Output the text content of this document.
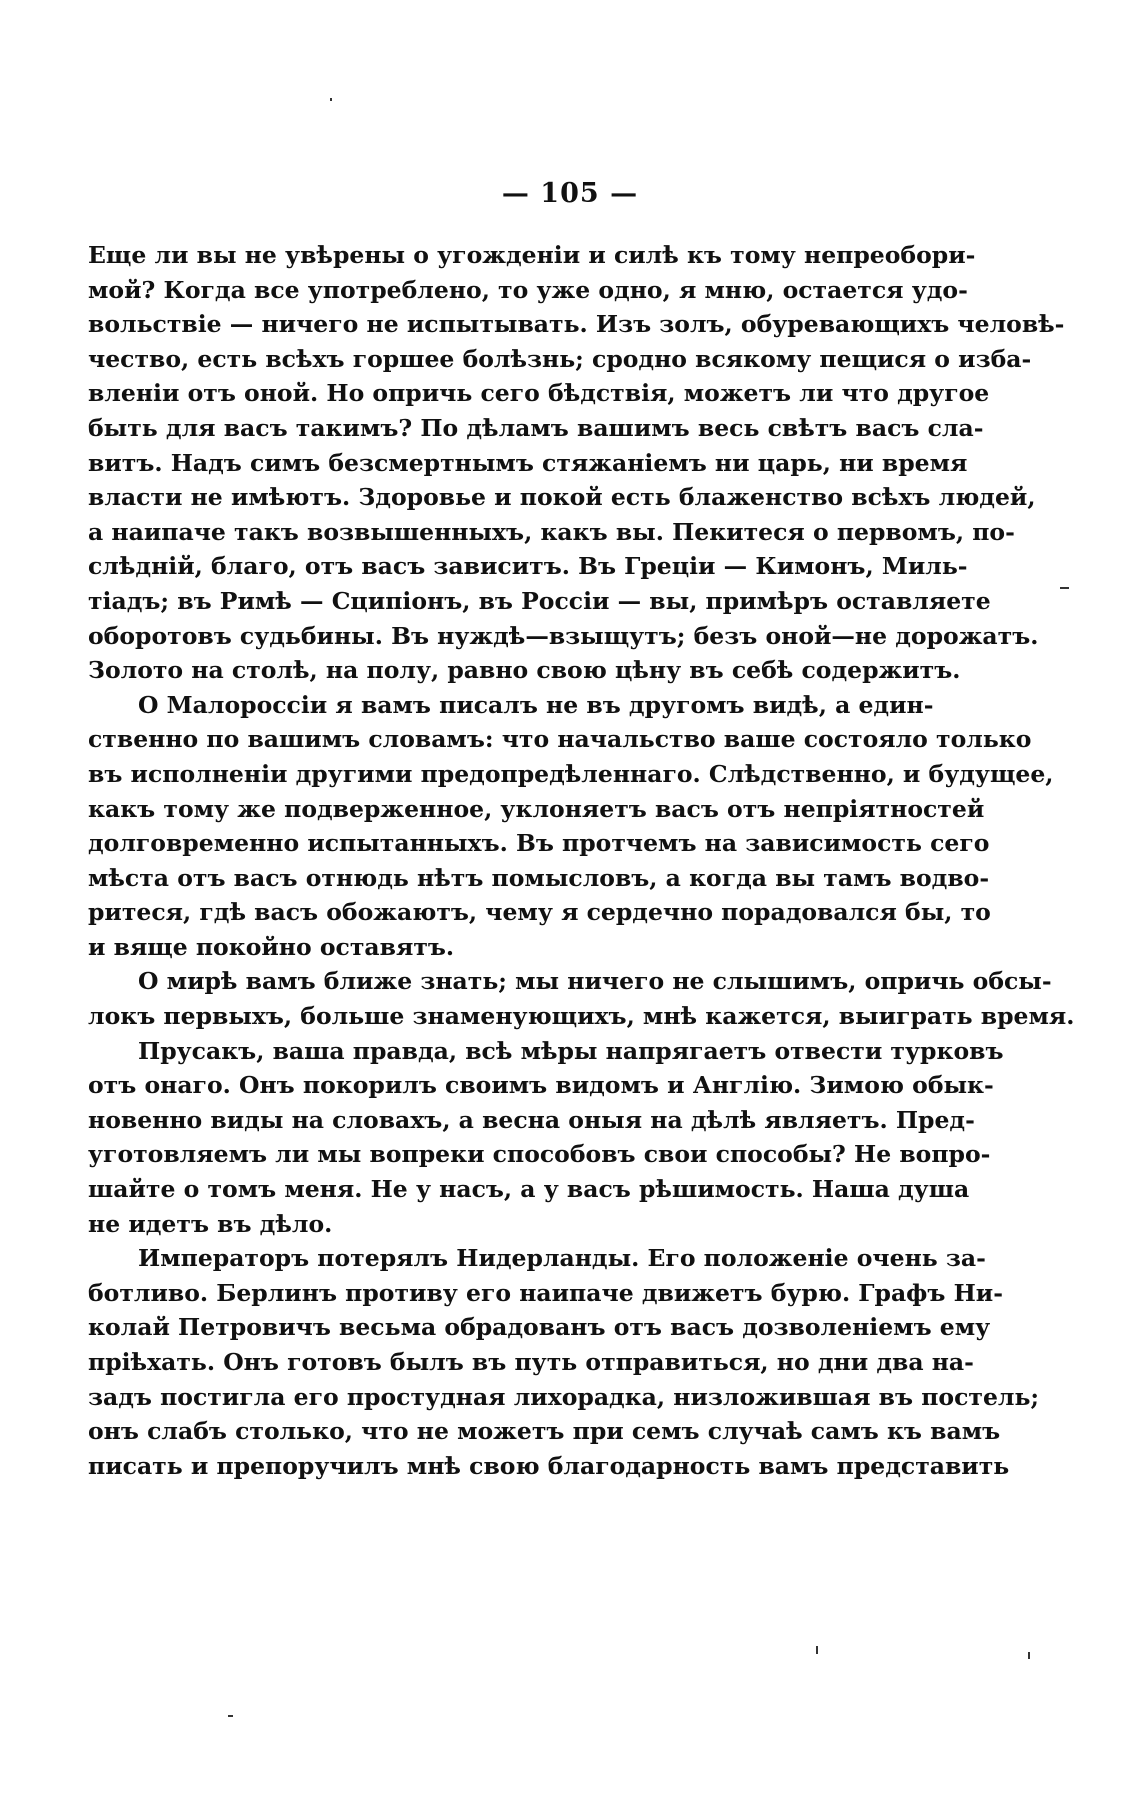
— 105 —
Еще ли вы не увѣрены о угожденіи и силѣ къ тому непреобори-
мой? Когда все употреблено, то уже одно, я мню, остается удо-
вольствіе — ничего не испытывать. Изъ золъ, обуревающихъ человѣ-
чество, есть всѣхъ горшее болѣзнь; сродно всякому пещися о изба-
вленіи отъ оной. Но опричь сего бѣдствія, можетъ ли что другое
быть для васъ такимъ? По дѣламъ вашимъ весь свѣтъ васъ сла-
витъ. Надъ симъ безсмертнымъ стяжаніемъ ни царь, ни время
власти не имѣютъ. Здоровье и покой есть блаженство всѣхъ людей,
а наипаче такъ возвышенныхъ, какъ вы. Пекитеся о первомъ, по-
слѣдній, благо, отъ васъ зависитъ. Въ Греціи — Кимонъ, Миль-
тіадъ; въ Римѣ — Сципіонъ, въ Россіи — вы, примѣръ оставляете
оборотовъ судьбины. Въ нуждѣ—взыщутъ; безъ оной—не дорожатъ.
Золото на столѣ, на полу, равно свою цѣну въ себѣ содержитъ.
О Малороссіи я вамъ писалъ не въ другомъ видѣ, а един-
ственно по вашимъ словамъ: что начальство ваше состояло только
въ исполненіи другими предопредѣленнаго. Слѣдственно, и будущее,
какъ тому же подверженное, уклоняетъ васъ отъ непріятностей
долговременно испытанныхъ. Въ протчемъ на зависимость сего
мѣста отъ васъ отнюдь нѣтъ помысловъ, а когда вы тамъ водво-
ритеся, гдѣ васъ обожаютъ, чему я сердечно порадовался бы, то
и вяще покойно оставятъ.
О мирѣ вамъ ближе знать; мы ничего не слышимъ, опричь обсы-
локъ первыхъ, больше знаменующихъ, мнѣ кажется, выиграть время.
Прусакъ, ваша правда, всѣ мѣры напрягаетъ отвести турковъ
отъ онаго. Онъ покорилъ своимъ видомъ и Англію. Зимою обык-
новенно виды на словахъ, а весна оныя на дѣлѣ являетъ. Пред-
уготовляемъ ли мы вопреки способовъ свои способы? Не вопро-
шайте о томъ меня. Не у насъ, а у васъ рѣшимость. Наша душа
не идетъ въ дѣло.
Императоръ потерялъ Нидерланды. Его положеніе очень за-
ботливо. Берлинъ противу его наипаче движетъ бурю. Графъ Ни-
колай Петровичъ весьма обрадованъ отъ васъ дозволеніемъ ему
пріѣхать. Онъ готовъ былъ въ путь отправиться, но дни два на-
задъ постигла его простудная лихорадка, низложившая въ постель;
онъ слабъ столько, что не можетъ при семъ случаѣ самъ къ вамъ
писать и препоручилъ мнѣ свою благодарность вамъ представить
